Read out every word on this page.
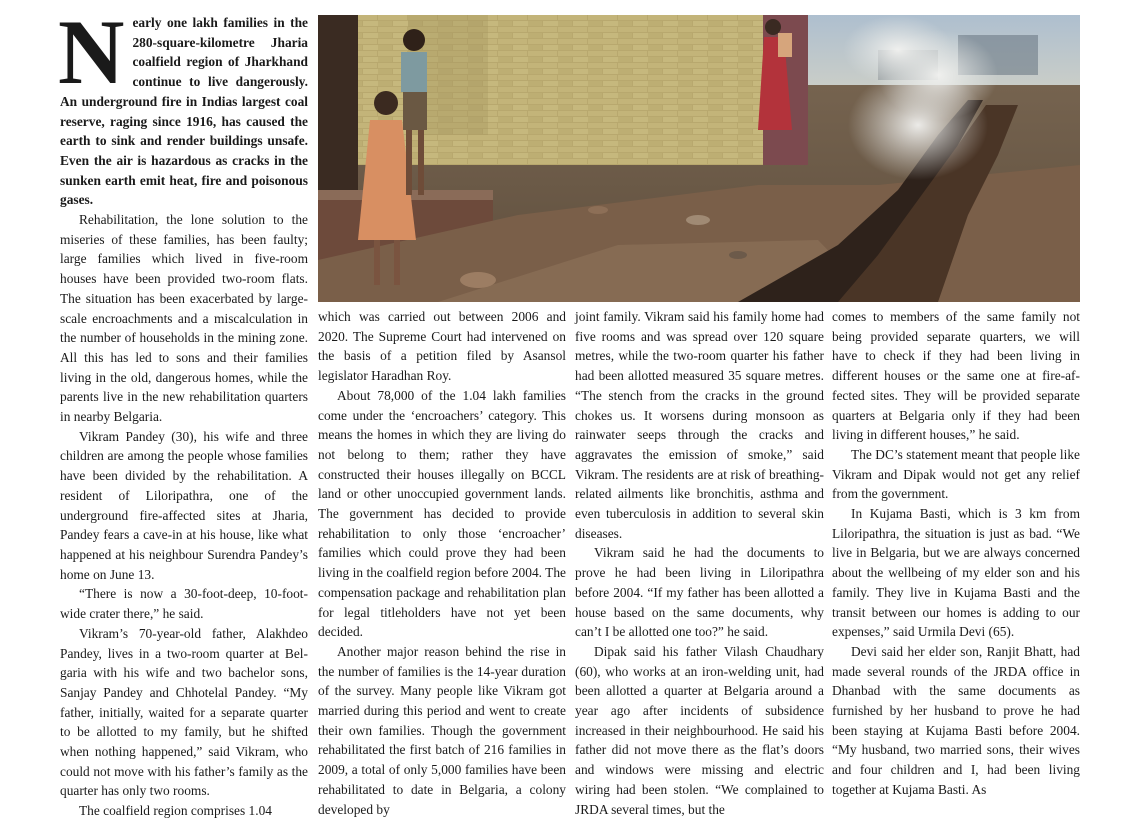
Nearly one lakh families in the 280-square-kilometre Jharia coalfield region of Jharkhand continue to live dangerously. An underground fire in Indias largest coal reserve, raging since 1916, has caused the earth to sink and render buildings unsafe. Even the air is hazardous as cracks in the sunken earth emit heat, fire and poisonous gases.

Rehabilitation, the lone solution to the miseries of these families, has been faulty; large families which lived in five-room houses have been provided two-room flats. The situation has been exacerbated by large-scale encroachments and a miscalculation in the number of households in the mining zone. All this has led to sons and their families living in the old, dangerous homes, while the parents live in the new rehabilitation quarters in nearby Belgaria.

Vikram Pandey (30), his wife and three children are among the people whose families have been divided by the rehabilitation. A resident of Liloripathra, one of the underground fire-affected sites at Jharia, Pandey fears a cave-in at his house, like what happened at his neighbour Surendra Pandey’s home on June 13.

“There is now a 30-foot-deep, 10-foot-wide crater there,” he said.

Vikram’s 70-year-old father, Alakhdeo Pandey, lives in a two-room quarter at Belgaria with his wife and two bachelor sons, Sanjay Pandey and Chhotelal Pandey. “My father, initially, waited for a separate quarter to be allotted to my family, but he shifted when nothing happened,” said Vikram, who could not move with his father’s family as the quarter has only two rooms.

The coalfield region comprises 1.04

which was carried out between 2006 and 2020. The Supreme Court had intervened on the basis of a petition filed by Asansol legislator Haradhan Roy.

About 78,000 of the 1.04 lakh families come under the ‘encroachers’ category. This means the homes in which they are living do not belong to them; rather they have constructed their houses illegally on BCCL land or other unoccupied government lands. The government has decided to provide rehabilitation to only those ‘encroacher’ families which could prove they had been living in the coalfield region before 2004. The compensation package and rehabilitation plan for legal titleholders have not yet been decided.

Another major reason behind the rise in the number of families is the 14-year duration of the survey. Many people like Vikram got married during this period and went to create their own families. Though the government rehabilitated the first batch of 216 families in 2009, a total of only 5,000 families have been rehabilitated to date in Belgaria, a colony developed by

joint family. Vikram said his family home had five rooms and was spread over 120 square metres, while the two-room quarter his father had been allotted measured 35 square metres. “The stench from the cracks in the ground chokes us. It worsens during monsoon as rainwater seeps through the cracks and aggravates the emission of smoke,” said Vikram. The residents are at risk of breathing-related ailments like bronchitis, asthma and even tuberculosis in addition to several skin diseases.

Vikram said he had the documents to prove he had been living in Liloripathra before 2004. “If my father has been allotted a house based on the same documents, why can’t I be allotted one too?” he said.

Dipak said his father Vilash Chaudhary (60), who works at an iron-welding unit, had been allotted a quarter at Belgaria around a year ago after incidents of subsidence increased in their neighbourhood. He said his father did not move there as the flat’s doors and windows were missing and electric wiring had been stolen. “We complained to JRDA several times, but the

comes to members of the same family not being provided separate quarters, we will have to check if they had been living in different houses or the same one at fire-affected sites. They will be provided separate quarters at Belgaria only if they had been living in different houses,” he said.

The DC’s statement meant that people like Vikram and Dipak would not get any relief from the government.

In Kujama Basti, which is 3 km from Liloripathra, the situation is just as bad. “We live in Belgaria, but we are always concerned about the wellbeing of my elder son and his family. They live in Kujama Basti and the transit between our homes is adding to our expenses,” said Urmila Devi (65).

Devi said her elder son, Ranjit Bhatt, had made several rounds of the JRDA office in Dhanbad with the same documents as furnished by her husband to prove he had been staying at Kujama Basti before 2004. “My husband, two married sons, their wives and four children and I, had been living together at Kujama Basti. As
